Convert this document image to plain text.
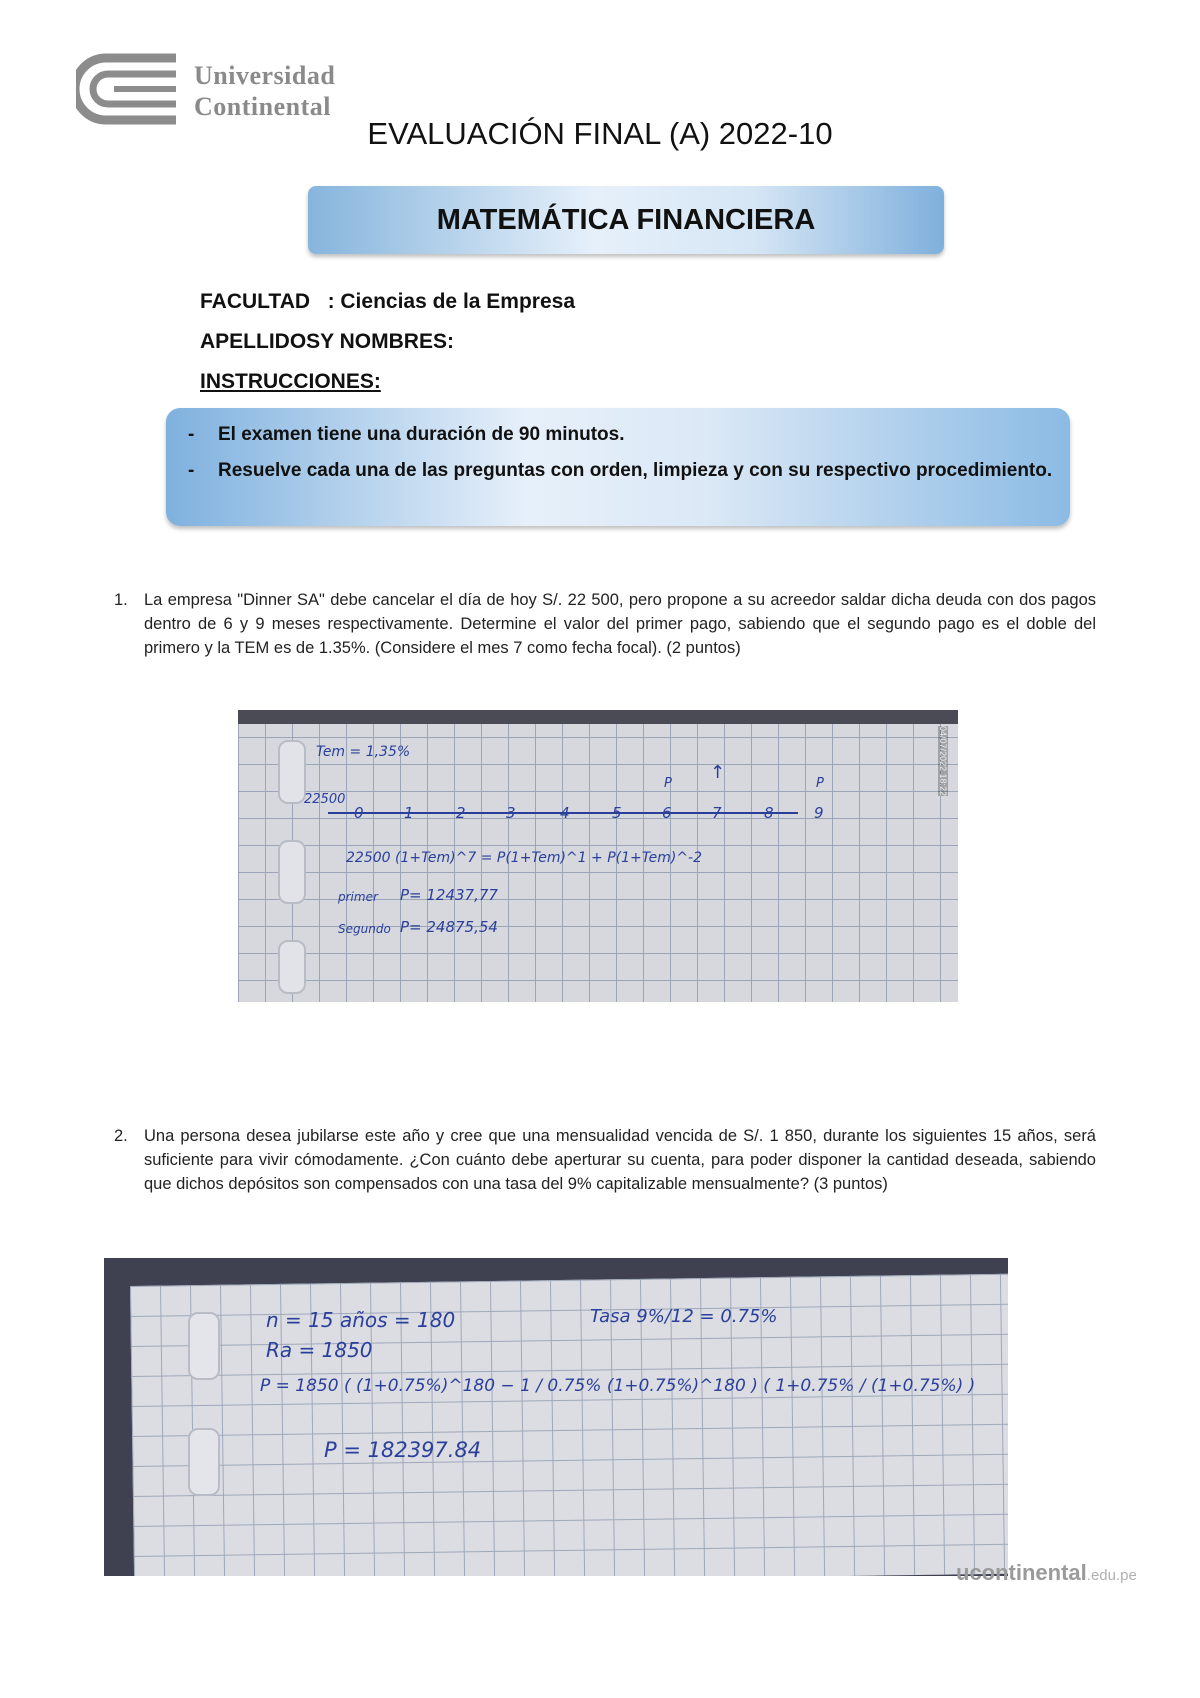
Universidad
Continental
EVALUACIÓN FINAL (A) 2022-10
MATEMÁTICA FINANCIERA
FACULTAD : Ciencias de la Empresa
APELLIDOSY NOMBRES:
INSTRUCCIONES:
- El examen tiene una duración de 90 minutos.
- Resuelve cada una de las preguntas con orden, limpieza y con su respectivo procedimiento.
1. La empresa "Dinner SA" debe cancelar el día de hoy S/. 22 500, pero propone a su acreedor saldar dicha deuda con dos pagos dentro de 6 y 9 meses respectivamente. Determine el valor del primer pago, sabiendo que el segundo pago es el doble del primero y la TEM es de 1.35%. (Considere el mes 7 como fecha focal). (2 puntos)
Tem = 1,35%
22500
0	1	2	3	4	5	6	7	8	9
P	P
↑
22500 (1+Tem)^7 = P(1+Tem)^1 + P(1+Tem)^-2
primer P= 12437,77
Segundo P= 24875,54
04/07/2022 18:22
2. Una persona desea jubilarse este año y cree que una mensualidad vencida de S/. 1 850, durante los siguientes 15 años, será suficiente para vivir cómodamente. ¿Con cuánto debe aperturar su cuenta, para poder disponer la cantidad deseada, sabiendo que dichos depósitos son compensados con una tasa del 9% capitalizable mensualmente? (3 puntos)
n = 15 años = 180	Tasa 9%/12 = 0.75%
Ra = 1850
P = 1850 ( (1+0.75%)^180 − 1 / 0.75% (1+0.75%)^180 ) ( 1+0.75% / (1+0.75%) )
P = 182397.84
ucontinental.edu.pe
